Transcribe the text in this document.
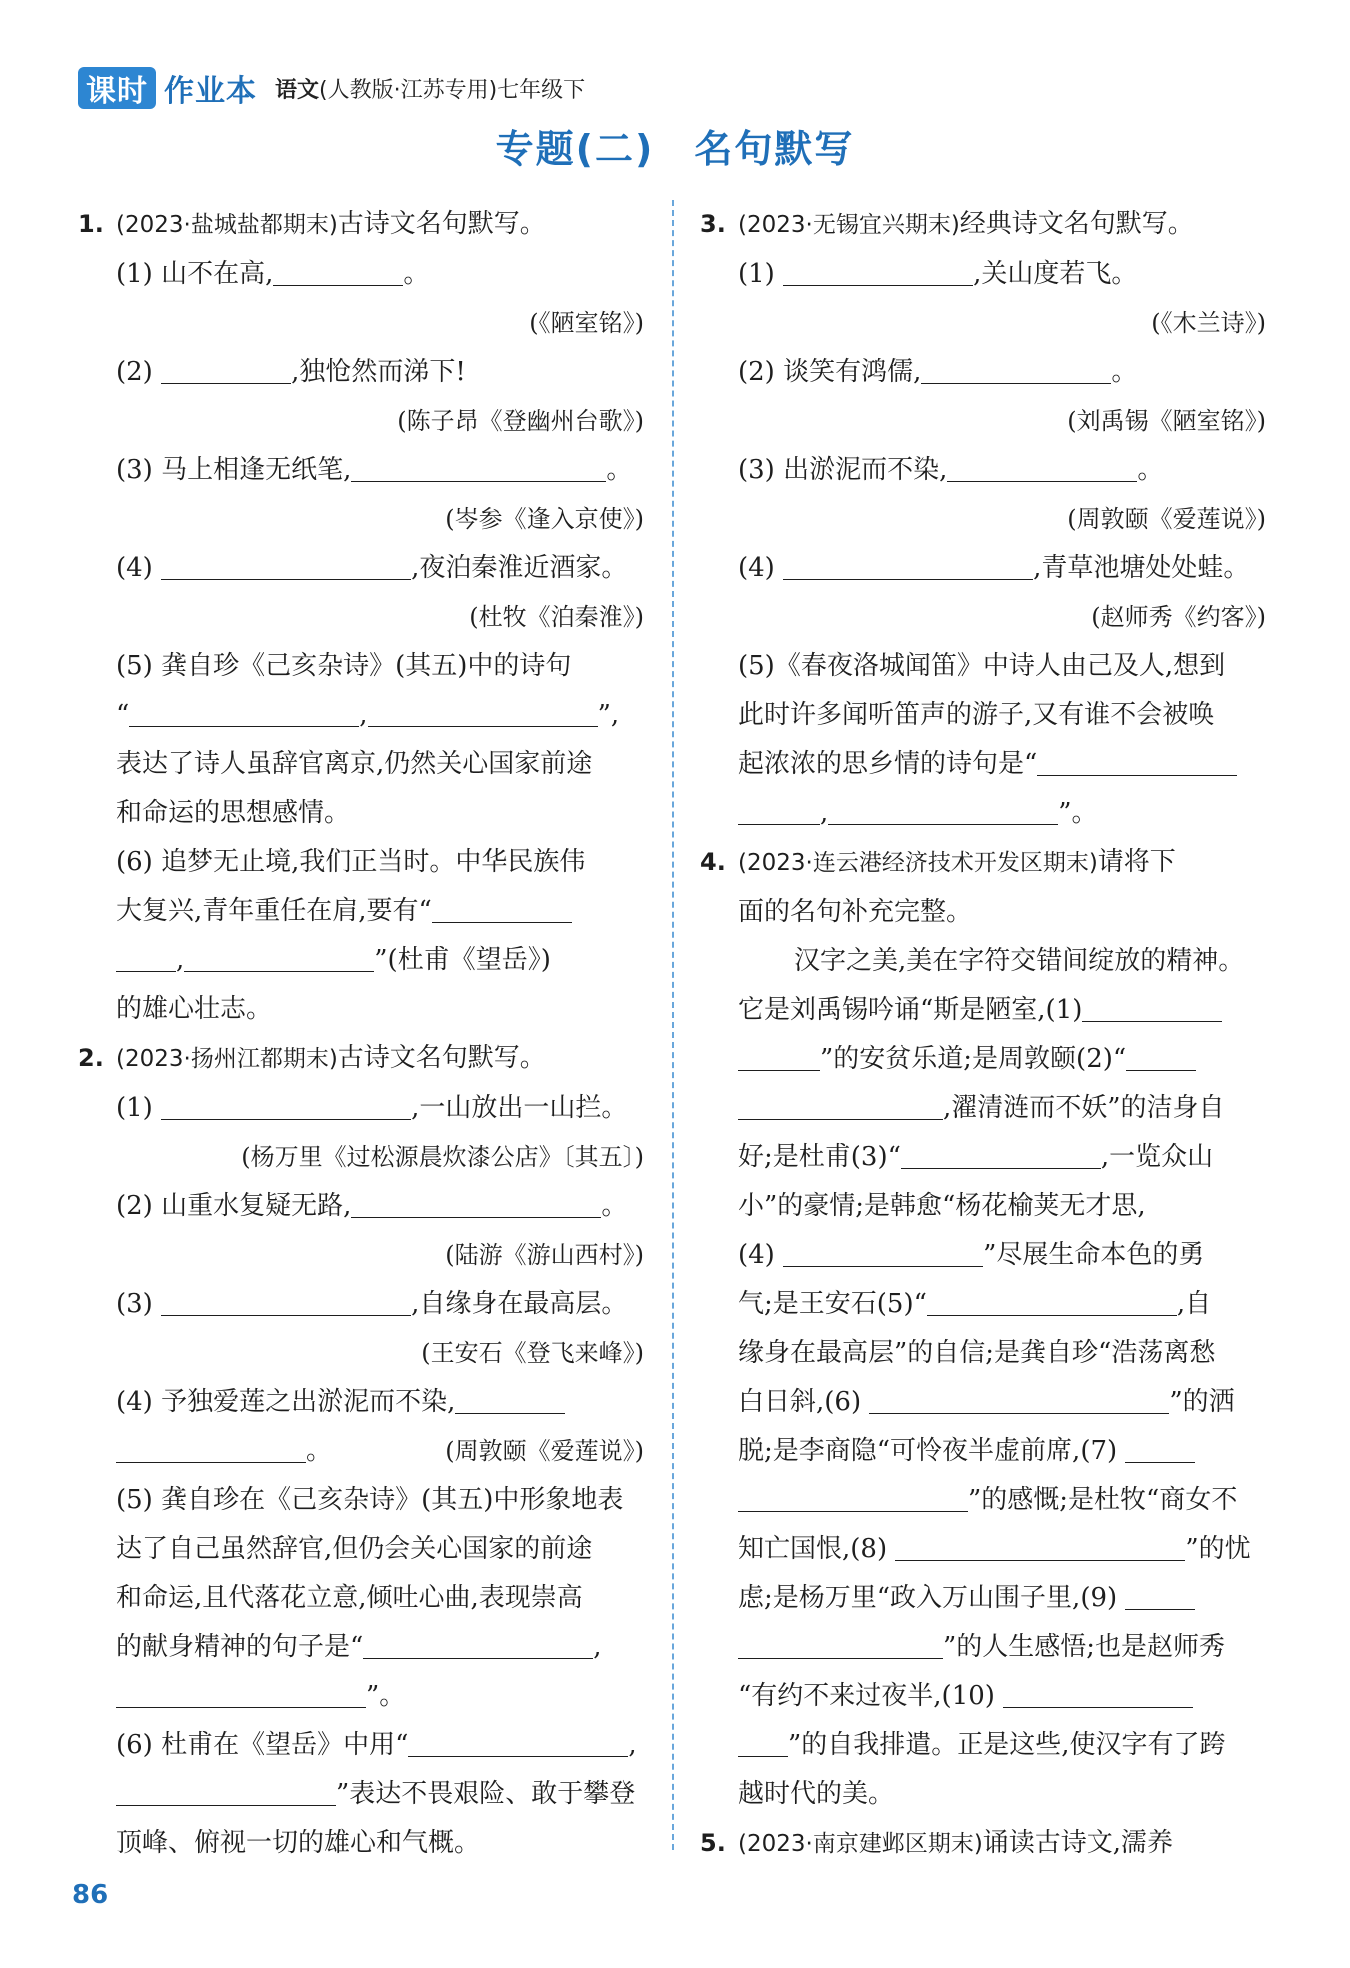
课时 作业本 语文(人教版·江苏专用)七年级下
专题(二) 名句默写

1. (2023·盐城盐都期末)古诗文名句默写。

(1) 山不在高,	。

(《陋室铭》)

(2)	,独怆然而涕下!

(陈子昂《登幽州台歌》)

(3) 马上相逢无纸笔,	。

(岑参《逢入京使》)

(4)	,夜泊秦淮近酒家。

(杜牧《泊秦淮》)

(5) 龚自珍《己亥杂诗》(其五)中的诗句

“	,	”,

表达了诗人虽辞官离京,仍然关心国家前途

和命运的思想感情。

(6) 追梦无止境,我们正当时。中华民族伟

大复兴,青年重任在肩,要有“

,	”(杜甫《望岳》)

的雄心壮志。

2. (2023·扬州江都期末)古诗文名句默写。

(1)	,一山放出一山拦。

(杨万里《过松源晨炊漆公店》〔其五〕)

(2) 山重水复疑无路,	。

(陆游《游山西村》)

(3)	,自缘身在最高层。

(王安石《登飞来峰》)

(4) 予独爱莲之出淤泥而不染,

。	(周敦颐《爱莲说》)

(5) 龚自珍在《己亥杂诗》(其五)中形象地表

达了自己虽然辞官,但仍会关心国家的前途

和命运,且代落花立意,倾吐心曲,表现崇高

的献身精神的句子是“	,

”。

(6) 杜甫在《望岳》中用“	,

”表达不畏艰险、敢于攀登

顶峰、俯视一切的雄心和气概。

3. (2023·无锡宜兴期末)经典诗文名句默写。

(1)	,关山度若飞。

(《木兰诗》)

(2) 谈笑有鸿儒,	。

(刘禹锡《陋室铭》)

(3) 出淤泥而不染,	。

(周敦颐《爱莲说》)

(4)	,青草池塘处处蛙。

(赵师秀《约客》)

(5)《春夜洛城闻笛》中诗人由己及人,想到

此时许多闻听笛声的游子,又有谁不会被唤

起浓浓的思乡情的诗句是“

,	”。

4. (2023·连云港经济技术开发区期末)请将下

面的名句补充完整。

汉字之美,美在字符交错间绽放的精神。

它是刘禹锡吟诵“斯是陋室,(1)

”的安贫乐道;是周敦颐(2)“

,濯清涟而不妖”的洁身自

好;是杜甫(3)“	,一览众山

小”的豪情;是韩愈“杨花榆荚无才思,

(4)	”尽展生命本色的勇

气;是王安石(5)“	,自

缘身在最高层”的自信;是龚自珍“浩荡离愁

白日斜,(6)	”的洒

脱;是李商隐“可怜夜半虚前席,(7)

”的感慨;是杜牧“商女不

知亡国恨,(8)	”的忧

虑;是杨万里“政入万山围子里,(9)

”的人生感悟;也是赵师秀

“有约不来过夜半,(10)

”的自我排遣。正是这些,使汉字有了跨

越时代的美。

5. (2023·南京建邺区期末)诵读古诗文,濡养

86
